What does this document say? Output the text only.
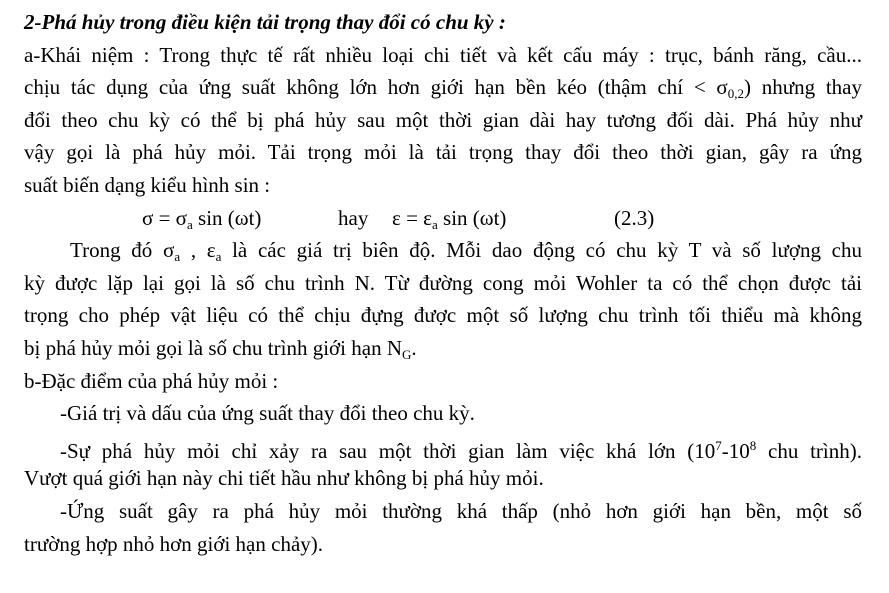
2-Phá hủy trong điều kiện tải trọng thay đổi có chu kỳ :
a-Khái niệm : Trong thực tế rất nhiều loại chi tiết và kết cấu máy : trục, bánh răng, cầu...
chịu tác dụng của ứng suất không lớn hơn giới hạn bền kéo (thậm chí < $\sigma_{0,2}$) nhưng thay
đổi theo chu kỳ có thể bị phá hủy sau một thời gian dài hay tương đối dài. Phá hủy như
vậy gọi là phá hủy mỏi. Tải trọng mỏi là tải trọng thay đổi theo thời gian, gây ra ứng
suất biến dạng kiểu hình sin :
$\sigma = \sigma_a$ sin (ωt)	hay $\varepsilon = \varepsilon_a$ sin (ωt)	(2.3)
Trong đó $\sigma_a$ , $\varepsilon_a$ là các giá trị biên độ. Mỗi dao động có chu kỳ T và số lượng chu
kỳ được lặp lại gọi là số chu trình N. Từ đường cong mỏi Wohler ta có thể chọn được tải
trọng cho phép vật liệu có thể chịu đựng được một số lượng chu trình tối thiểu mà không
bị phá hủy mỏi gọi là số chu trình giới hạn $N_G$.
b-Đặc điểm của phá hủy mỏi :
-Giá trị và dấu của ứng suất thay đổi theo chu kỳ.
-Sự phá hủy mỏi chỉ xảy ra sau một thời gian làm việc khá lớn ($10^7-10^8$ chu trình).
Vượt quá giới hạn này chi tiết hầu như không bị phá hủy mỏi.
-Ứng suất gây ra phá hủy mỏi thường khá thấp (nhỏ hơn giới hạn bền, một số
trường hợp nhỏ hơn giới hạn chảy).
